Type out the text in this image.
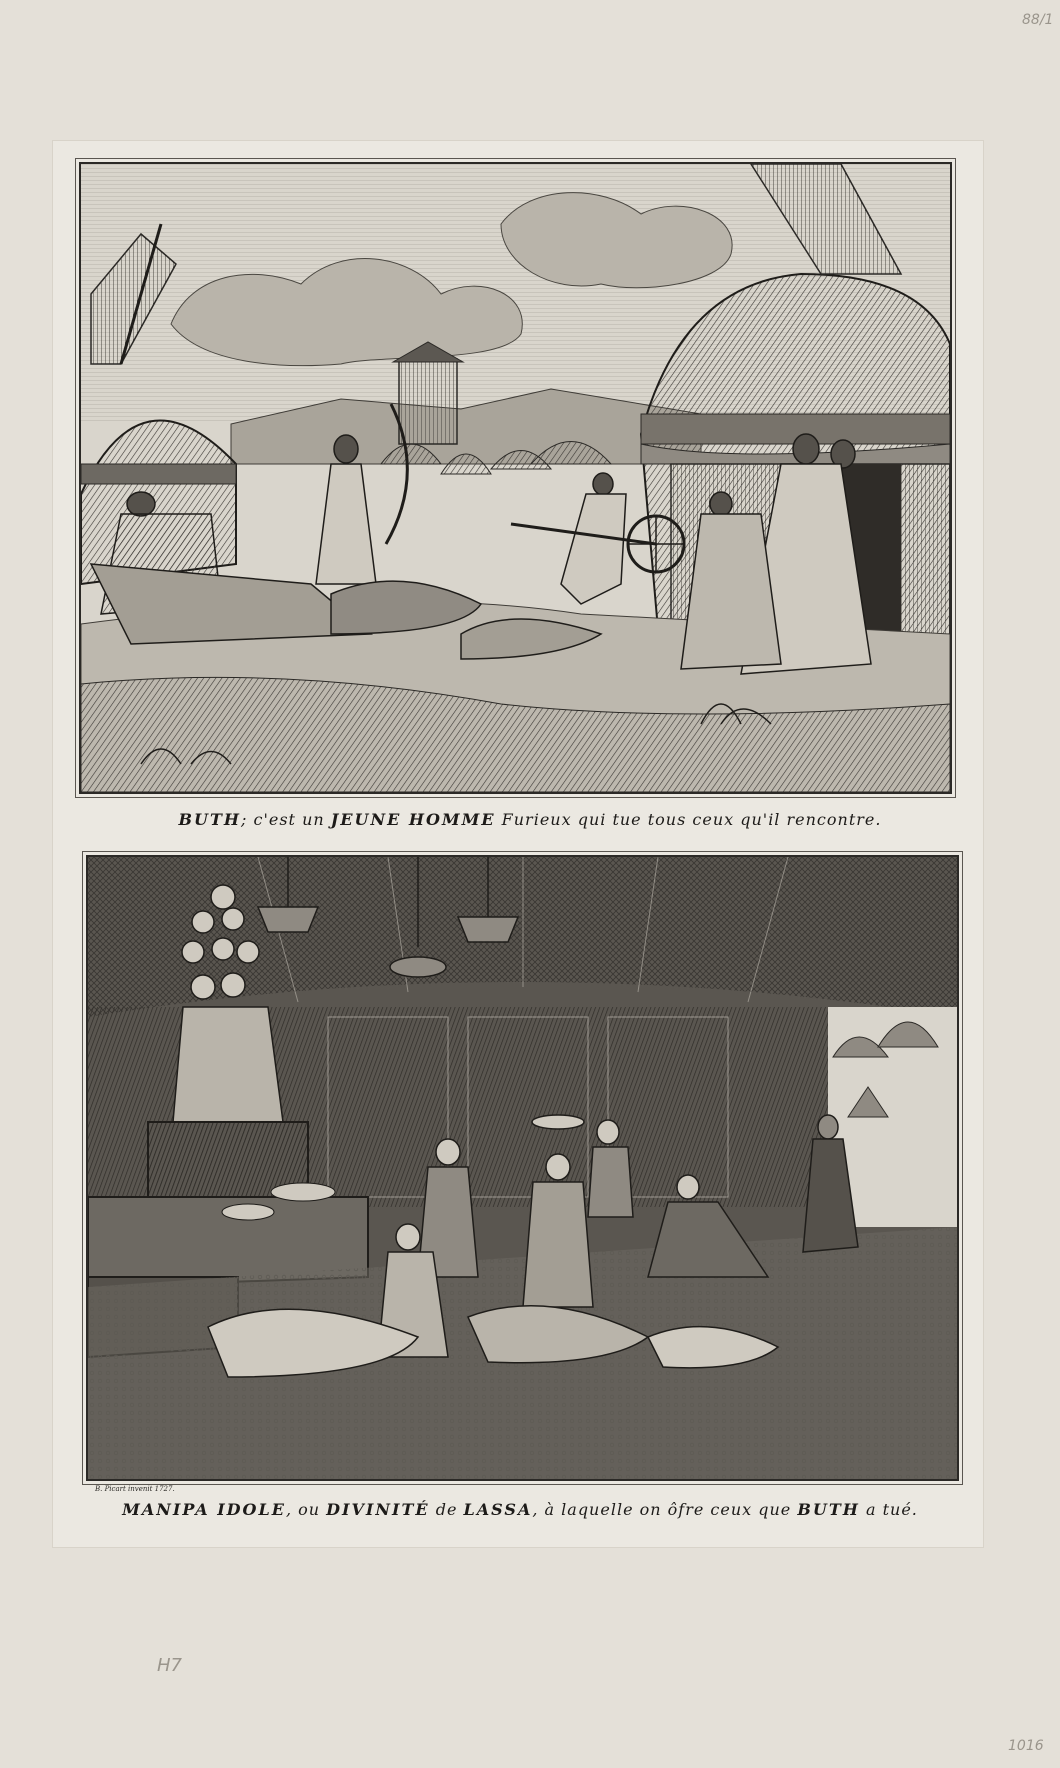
BUTH; c'est un JEUNE HOMME Furieux qui tue tous ceux qu'il rencontre.
B. Picart invenit 1727.
MANIPA IDOLE, ou DIVINITÉ de LASSA, à laquelle on ôfre ceux que BUTH a tué.
88/1
H7
1016
